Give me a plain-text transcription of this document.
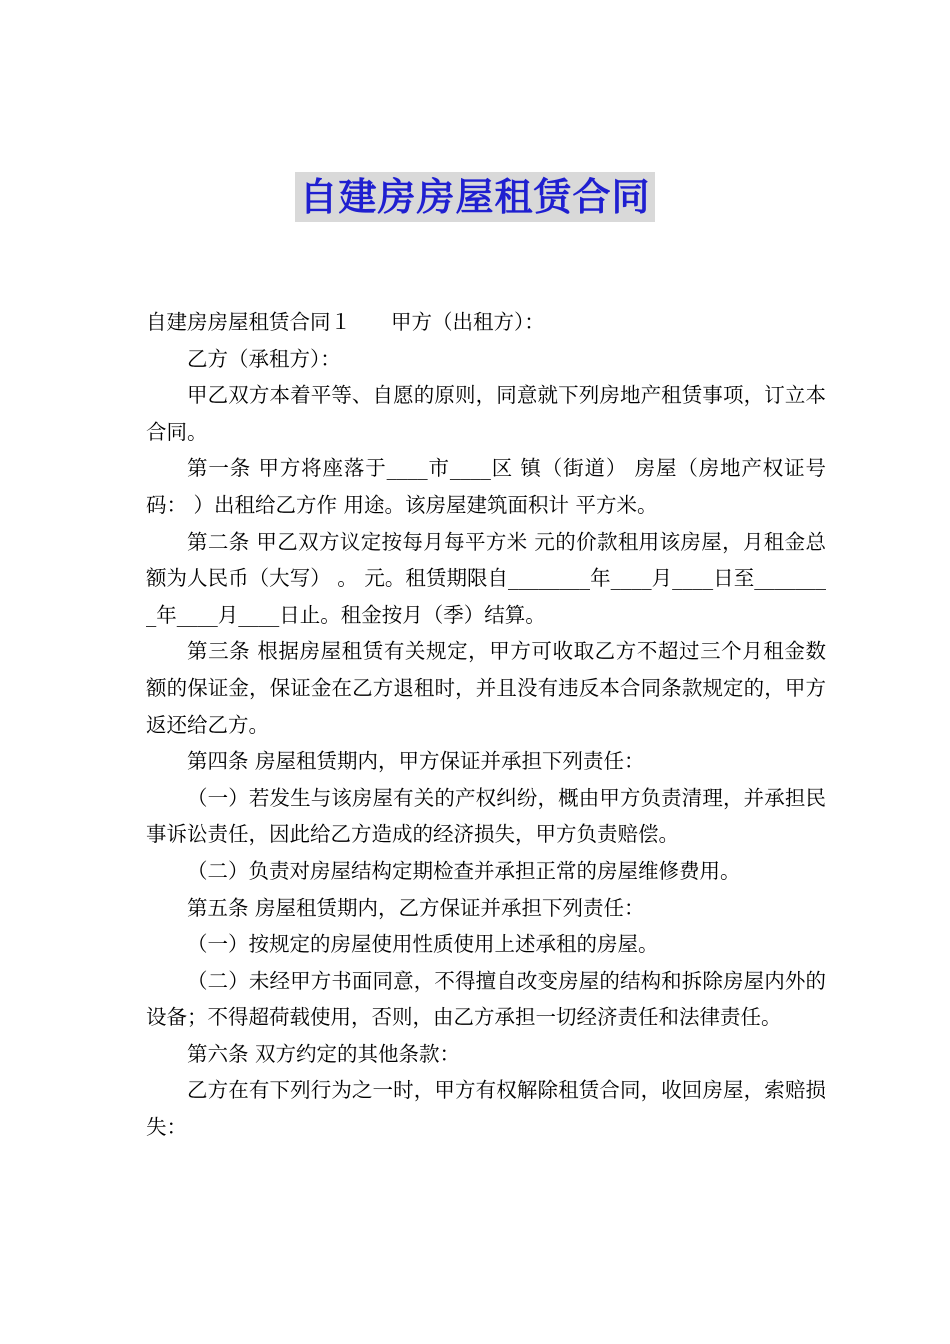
自建房房屋租赁合同

自建房房屋租赁合同１ 甲方（出租方）：

乙方（承租方）：

甲乙双方本着平等、自愿的原则，同意就下列房地产租赁事项，订立本合同。

第一条 甲方将座落于____市____区 镇（街道） 房屋（房地产权证号码： ）出租给乙方作 用途。该房屋建筑面积计 平方米。

第二条 甲乙双方议定按每月每平方米 元的价款租用该房屋，月租金总额为人民币（大写） 。 元。租赁期限自________年____月____日至________年____月____日止。租金按月（季）结算。

第三条 根据房屋租赁有关规定，甲方可收取乙方不超过三个月租金数额的保证金，保证金在乙方退租时，并且没有违反本合同条款规定的，甲方返还给乙方。

第四条 房屋租赁期内，甲方保证并承担下列责任：

（一）若发生与该房屋有关的产权纠纷，概由甲方负责清理，并承担民事诉讼责任，因此给乙方造成的经济损失，甲方负责赔偿。

（二）负责对房屋结构定期检查并承担正常的房屋维修费用。

第五条 房屋租赁期内，乙方保证并承担下列责任：

（一）按规定的房屋使用性质使用上述承租的房屋。

（二）未经甲方书面同意，不得擅自改变房屋的结构和拆除房屋内外的设备；不得超荷载使用，否则，由乙方承担一切经济责任和法律责任。

第六条 双方约定的其他条款：

乙方在有下列行为之一时，甲方有权解除租赁合同，收回房屋，索赔损失：
